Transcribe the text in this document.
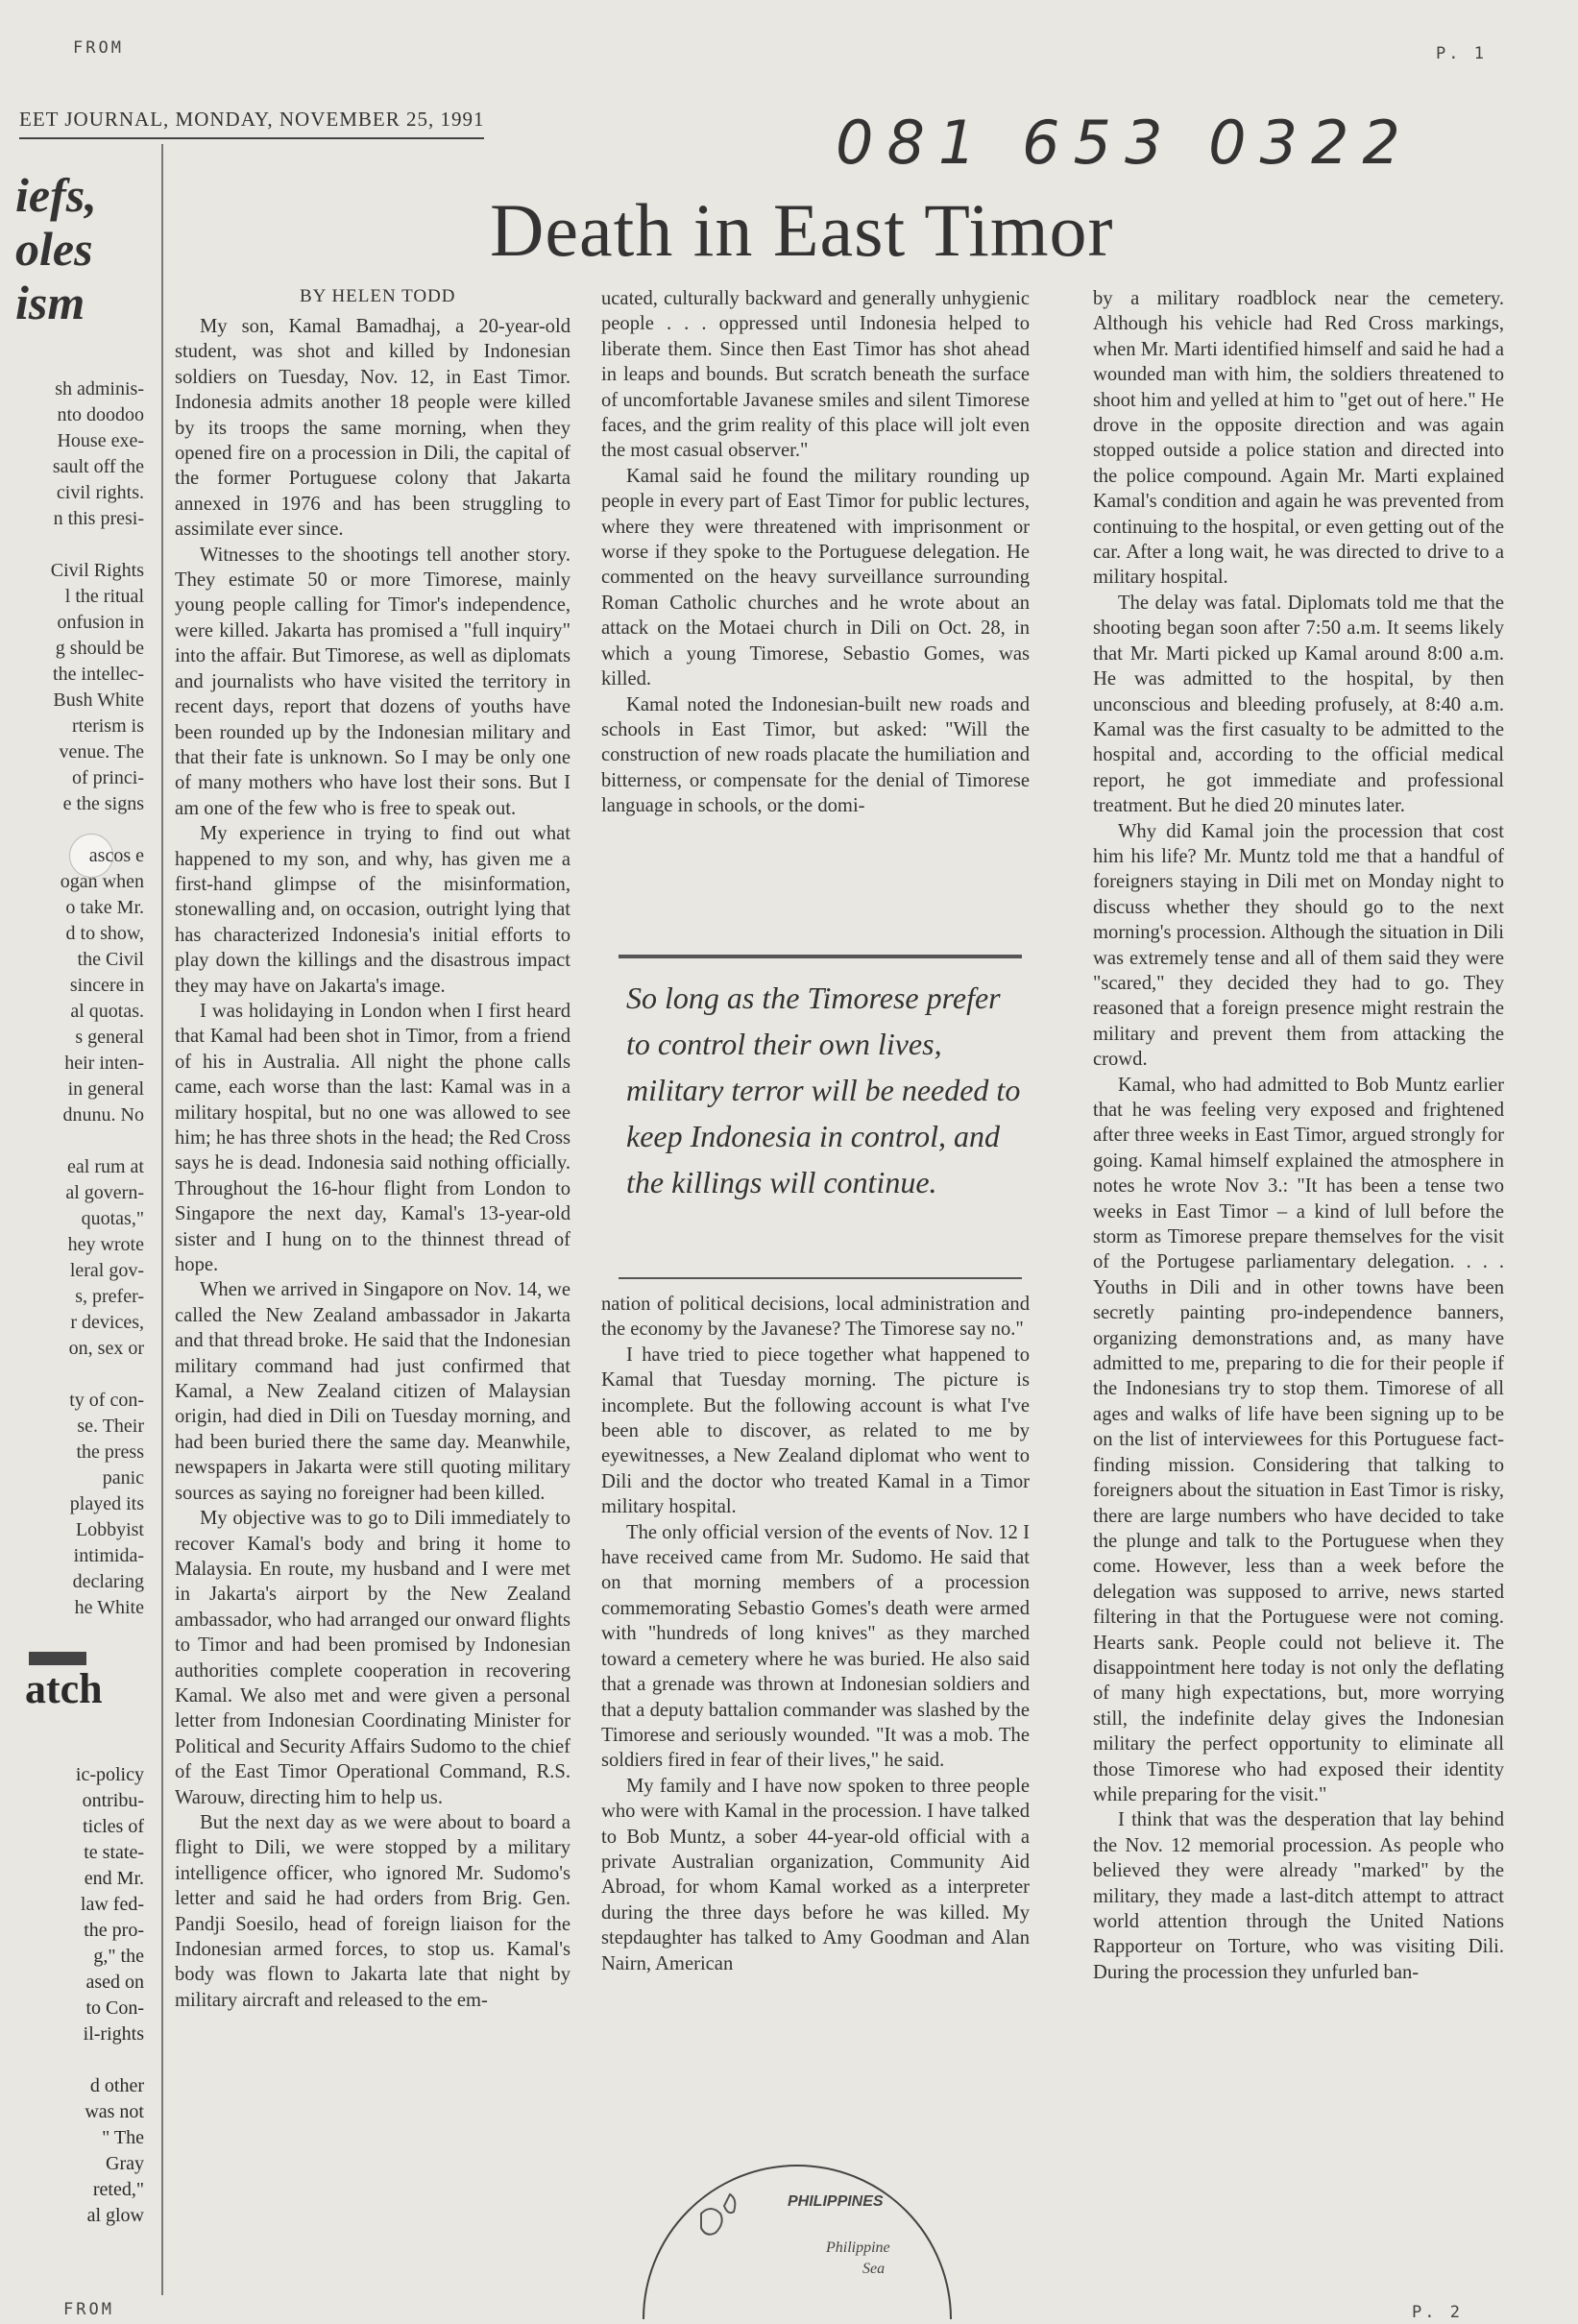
FROM	P. 1
FROM	P. 2
EET JOURNAL, MONDAY, NOVEMBER 25, 1991	081 653 0322
iefs,
oles
ism

sh adminis-

nto doodoo

House exe-

sault off the

civil rights.

n this presi-

Civil Rights

l the ritual

onfusion in

g should be

the intellec-

Bush White

rterism is

venue. The

of princi-

e the signs

ascos e

ogan when

o take Mr.

d to show,

the Civil

sincere in

al quotas.

s general

heir inten-

in general

dnunu. No

eal rum at

al govern-

quotas,"

hey wrote

leral gov-

s, prefer-

r devices,

on, sex or

ty of con-

se. Their

the press

panic

played its

Lobbyist

intimida-

declaring

he White

atch

ic-policy

ontribu-

ticles of

te state-

end Mr.

law fed-

the pro-

g," the

ased on

to Con-

il-rights

d other

was not

" The

Gray

reted,"

al glow

Death in East Timor
BY HELEN TODD

My son, Kamal Bamadhaj, a 20-year-old student, was shot and killed by Indonesian soldiers on Tuesday, Nov. 12, in East Timor. Indonesia admits another 18 people were killed by its troops the same morning, when they opened fire on a procession in Dili, the capital of the former Portuguese colony that Jakarta annexed in 1976 and has been struggling to assimilate ever since.

Witnesses to the shootings tell another story. They estimate 50 or more Timorese, mainly young people calling for Timor's independence, were killed. Jakarta has promised a "full inquiry" into the affair. But Timorese, as well as diplomats and journalists who have visited the territory in recent days, report that dozens of youths have been rounded up by the Indonesian military and that their fate is unknown. So I may be only one of many mothers who have lost their sons. But I am one of the few who is free to speak out.

My experience in trying to find out what happened to my son, and why, has given me a first-hand glimpse of the misinformation, stonewalling and, on occasion, outright lying that has characterized Indonesia's initial efforts to play down the killings and the disastrous impact they may have on Jakarta's image.

I was holidaying in London when I first heard that Kamal had been shot in Timor, from a friend of his in Australia. All night the phone calls came, each worse than the last: Kamal was in a military hospital, but no one was allowed to see him; he has three shots in the head; the Red Cross says he is dead. Indonesia said nothing officially. Throughout the 16-hour flight from London to Singapore the next day, Kamal's 13-year-old sister and I hung on to the thinnest thread of hope.

When we arrived in Singapore on Nov. 14, we called the New Zealand ambassador in Jakarta and that thread broke. He said that the Indonesian military command had just confirmed that Kamal, a New Zealand citizen of Malaysian origin, had died in Dili on Tuesday morning, and had been buried there the same day. Meanwhile, newspapers in Jakarta were still quoting military sources as saying no foreigner had been killed.

My objective was to go to Dili immediately to recover Kamal's body and bring it home to Malaysia. En route, my husband and I were met in Jakarta's airport by the New Zealand ambassador, who had arranged our onward flights to Timor and had been promised by Indonesian authorities complete cooperation in recovering Kamal. We also met and were given a personal letter from Indonesian Coordinating Minister for Political and Security Affairs Sudomo to the chief of the East Timor Operational Command, R.S. Warouw, directing him to help us.

But the next day as we were about to board a flight to Dili, we were stopped by a military intelligence officer, who ignored Mr. Sudomo's letter and said he had orders from Brig. Gen. Pandji Soesilo, head of foreign liaison for the Indonesian armed forces, to stop us. Kamal's body was flown to Jakarta late that night by military aircraft and released to the em-

ucated, culturally backward and generally unhygienic people . . . oppressed until Indonesia helped to liberate them. Since then East Timor has shot ahead in leaps and bounds. But scratch beneath the surface of uncomfortable Javanese smiles and silent Timorese faces, and the grim reality of this place will jolt even the most casual observer."

Kamal said he found the military rounding up people in every part of East Timor for public lectures, where they were threatened with imprisonment or worse if they spoke to the Portuguese delegation. He commented on the heavy surveillance surrounding Roman Catholic churches and he wrote about an attack on the Motaei church in Dili on Oct. 28, in which a young Timorese, Sebastio Gomes, was killed.

Kamal noted the Indonesian-built new roads and schools in East Timor, but asked: "Will the construction of new roads placate the humiliation and bitterness, or compensate for the denial of Timorese language in schools, or the domi-

So long as the Timorese prefer to control their own lives, military terror will be needed to keep Indonesia in control, and the killings will continue.

nation of political decisions, local administration and the economy by the Javanese? The Timorese say no."

I have tried to piece together what happened to Kamal that Tuesday morning. The picture is incomplete. But the following account is what I've been able to discover, as related to me by eyewitnesses, a New Zealand diplomat who went to Dili and the doctor who treated Kamal in a Timor military hospital.

The only official version of the events of Nov. 12 I have received came from Mr. Sudomo. He said that on that morning members of a procession commemorating Sebastio Gomes's death were armed with "hundreds of long knives" as they marched toward a cemetery where he was buried. He also said that a grenade was thrown at Indonesian soldiers and that a deputy battalion commander was slashed by the Timorese and seriously wounded. "It was a mob. The soldiers fired in fear of their lives," he said.

My family and I have now spoken to three people who were with Kamal in the procession. I have talked to Bob Muntz, a sober 44-year-old official with a private Australian organization, Community Aid Abroad, for whom Kamal worked as a interpreter during the three days before he was killed. My stepdaughter has talked to Amy Goodman and Alan Nairn, American

by a military roadblock near the cemetery. Although his vehicle had Red Cross markings, when Mr. Marti identified himself and said he had a wounded man with him, the soldiers threatened to shoot him and yelled at him to "get out of here." He drove in the opposite direction and was again stopped outside a police station and directed into the police compound. Again Mr. Marti explained Kamal's condition and again he was prevented from continuing to the hospital, or even getting out of the car. After a long wait, he was directed to drive to a military hospital.

The delay was fatal. Diplomats told me that the shooting began soon after 7:50 a.m. It seems likely that Mr. Marti picked up Kamal around 8:00 a.m. He was admitted to the hospital, by then unconscious and bleeding profusely, at 8:40 a.m. Kamal was the first casualty to be admitted to the hospital and, according to the official medical report, he got immediate and professional treatment. But he died 20 minutes later.

Why did Kamal join the procession that cost him his life? Mr. Muntz told me that a handful of foreigners staying in Dili met on Monday night to discuss whether they should go to the next morning's procession. Although the situation in Dili was extremely tense and all of them said they were "scared," they decided they had to go. They reasoned that a foreign presence might restrain the military and prevent them from attacking the crowd.

Kamal, who had admitted to Bob Muntz earlier that he was feeling very exposed and frightened after three weeks in East Timor, argued strongly for going. Kamal himself explained the atmosphere in notes he wrote Nov 3.: "It has been a tense two weeks in East Timor – a kind of lull before the storm as Timorese prepare themselves for the visit of the Portugese parliamentary delegation. . . . Youths in Dili and in other towns have been secretly painting pro-independence banners, organizing demonstrations and, as many have admitted to me, preparing to die for their people if the Indonesians try to stop them. Timorese of all ages and walks of life have been signing up to be on the list of interviewees for this Portuguese fact-finding mission. Considering that talking to foreigners about the situation in East Timor is risky, there are large numbers who have decided to take the plunge and talk to the Portuguese when they come. However, less than a week before the delegation was supposed to arrive, news started filtering in that the Portuguese were not coming. Hearts sank. People could not believe it. The disappointment here today is not only the deflating of many high expectations, but, more worrying still, the indefinite delay gives the Indonesian military the perfect opportunity to eliminate all those Timorese who had exposed their identity while preparing for the visit."

I think that was the desperation that lay behind the Nov. 12 memorial procession. As people who believed they were already "marked" by the military, they made a last-ditch attempt to attract world attention through the United Nations Rapporteur on Torture, who was visiting Dili. During the procession they unfurled ban-

PHILIPPINES
Philippine
Sea
